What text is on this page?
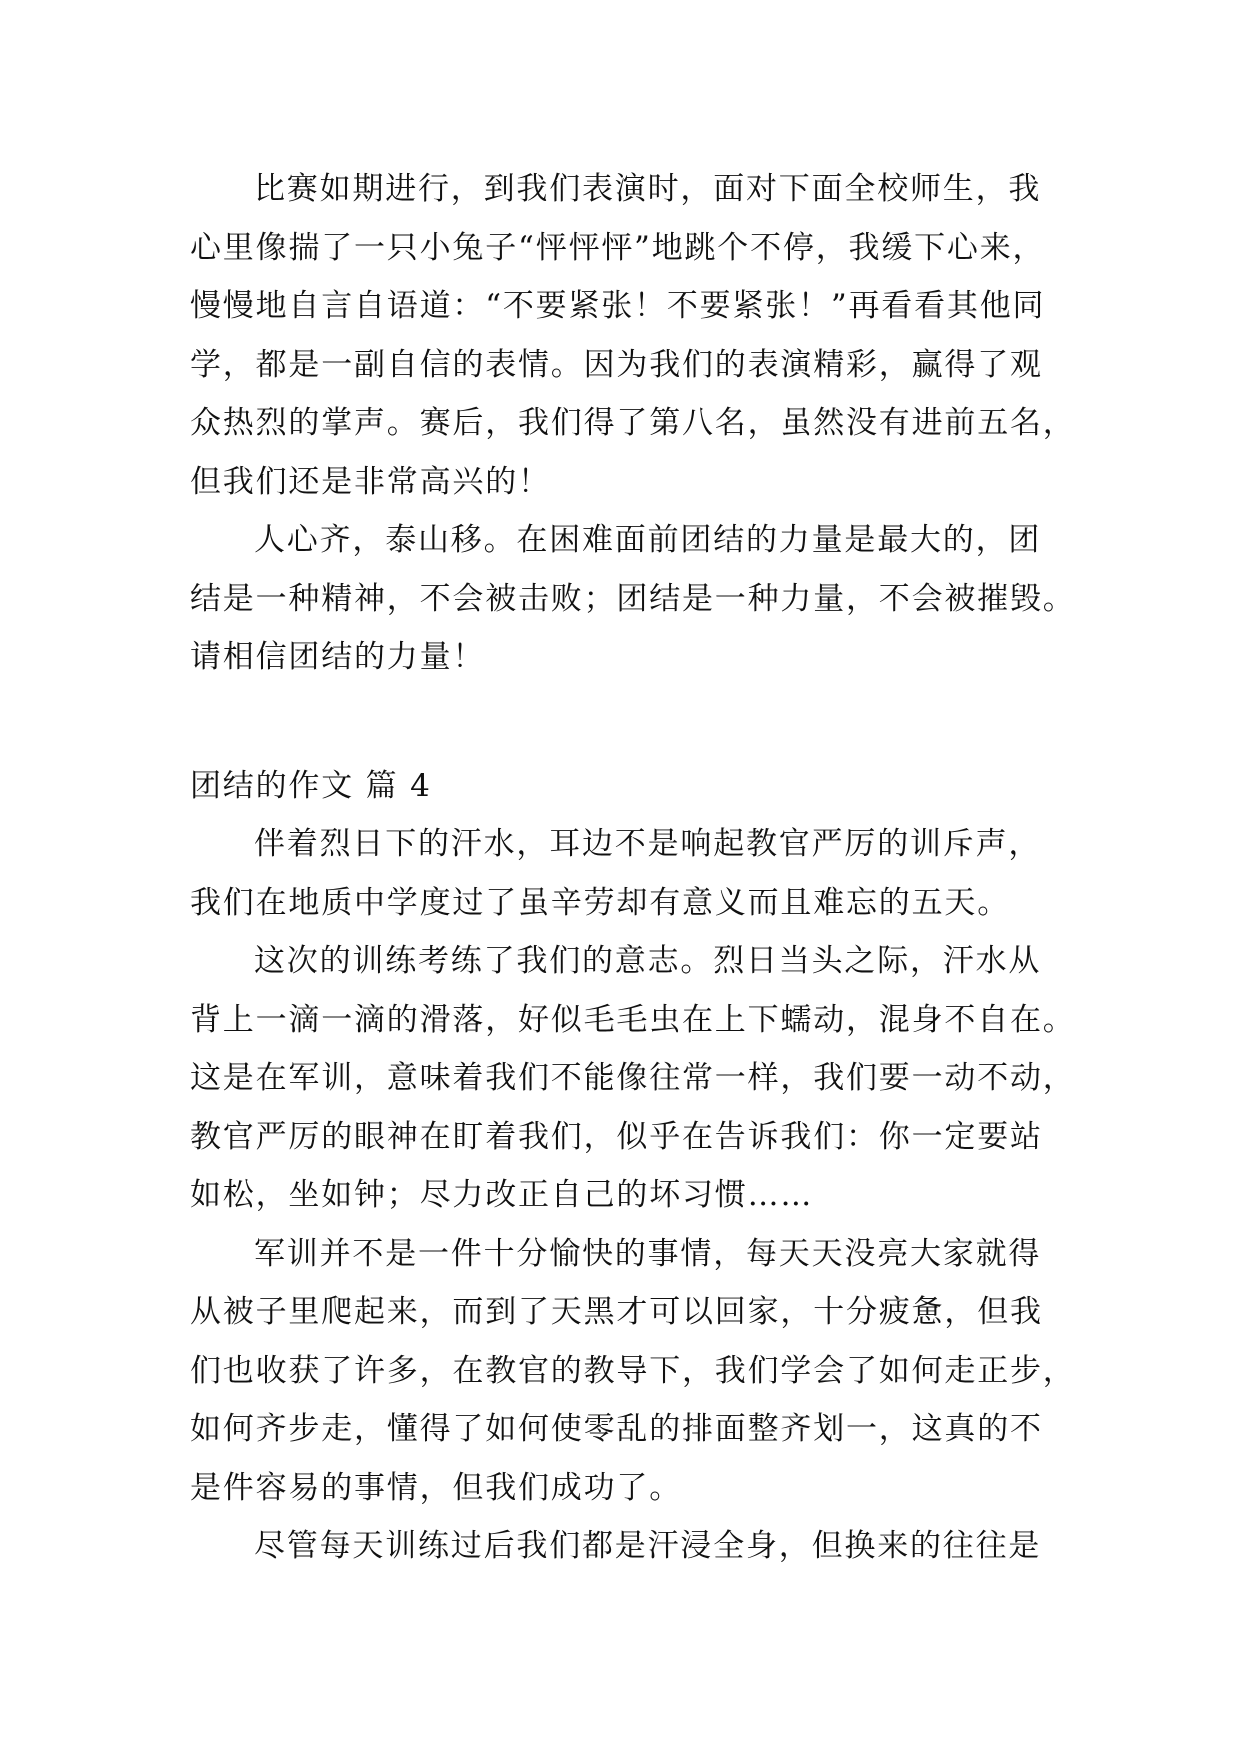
比赛如期进行，到我们表演时，面对下面全校师生，我
心里像揣了一只小兔子“怦怦怦”地跳个不停，我缓下心来，
慢慢地自言自语道：“不要紧张！不要紧张！”再看看其他同
学，都是一副自信的表情。因为我们的表演精彩，赢得了观
众热烈的掌声。赛后，我们得了第八名，虽然没有进前五名，
但我们还是非常高兴的！
人心齐，泰山移。在困难面前团结的力量是最大的，团
结是一种精神，不会被击败；团结是一种力量，不会被摧毁。
请相信团结的力量！
团结的作文 篇 4
伴着烈日下的汗水，耳边不是响起教官严厉的训斥声，
我们在地质中学度过了虽辛劳却有意义而且难忘的五天。
这次的训练考练了我们的意志。烈日当头之际，汗水从
背上一滴一滴的滑落，好似毛毛虫在上下蠕动，混身不自在。
这是在军训，意味着我们不能像往常一样，我们要一动不动，
教官严厉的眼神在盯着我们，似乎在告诉我们：你一定要站
如松，坐如钟；尽力改正自己的坏习惯……
军训并不是一件十分愉快的事情，每天天没亮大家就得
从被子里爬起来，而到了天黑才可以回家，十分疲惫，但我
们也收获了许多，在教官的教导下，我们学会了如何走正步，
如何齐步走，懂得了如何使零乱的排面整齐划一，这真的不
是件容易的事情，但我们成功了。
尽管每天训练过后我们都是汗浸全身，但换来的往往是
